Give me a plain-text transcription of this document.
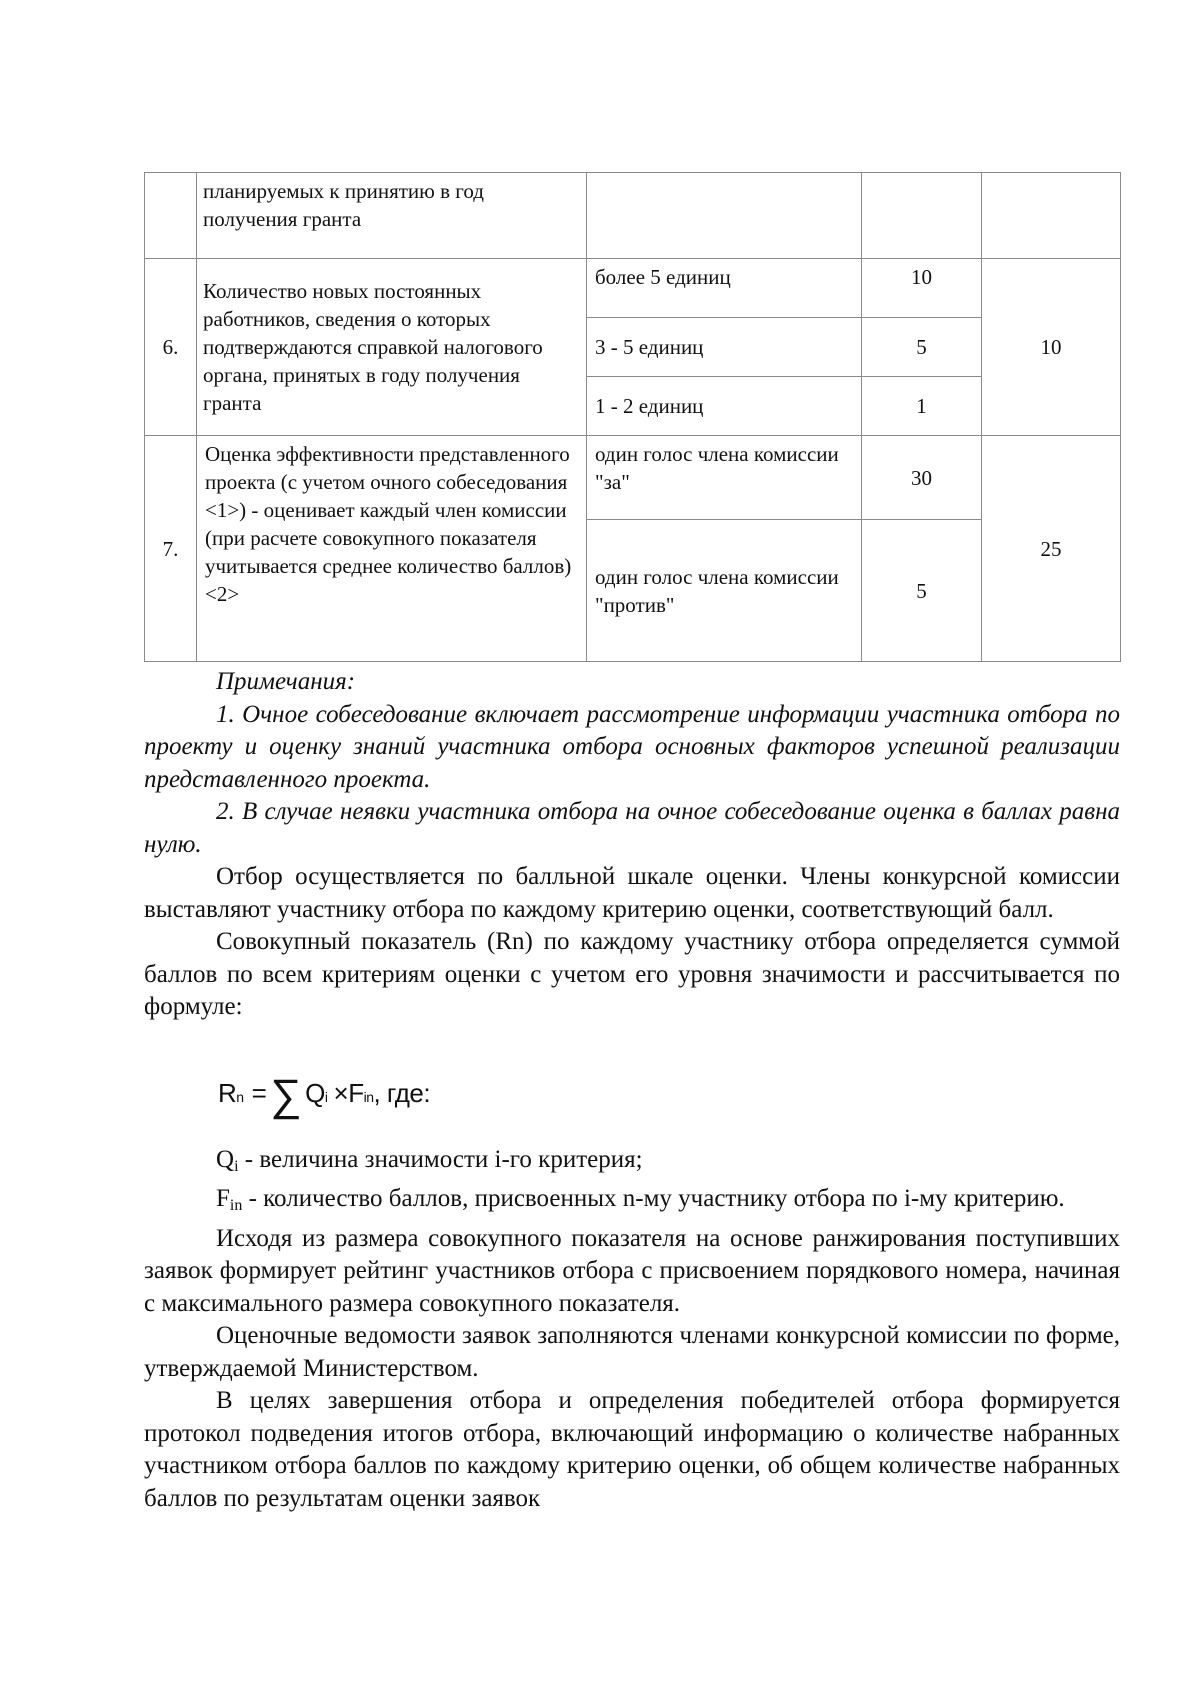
	планируемых к принятию в год получения гранта			
6.	Количество новых постоянных работников, сведения о которых подтверждаются справкой налогового органа, принятых в году получения гранта	более 5 единиц	10	10
		3 - 5 единиц	5	
		1 - 2 единиц	1	
7.	Оценка эффективности представленного проекта (с учетом очного собеседования <1>) - оценивает каждый член комиссии (при расчете совокупного показателя учитывается среднее количество баллов) <2>	один голос члена комиссии "за"	30	25
		один голос члена комиссии "против"	5	

Примечания:

1. Очное собеседование включает рассмотрение информации участника отбора по проекту и оценку знаний участника отбора основных факторов успешной реализации представленного проекта.

2. В случае неявки участника отбора на очное собеседование оценка в баллах равна нулю.

Отбор осуществляется по балльной шкале оценки. Члены конкурсной комиссии выставляют участнику отбора по каждому критерию оценки, соответствующий балл.

Совокупный показатель (Rn) по каждому участнику отбора определяется суммой баллов по всем критериям оценки с учетом его уровня значимости и рассчитывается по формуле:

R n = ∑ Q i × F in , где:

$Q_i$ - величина значимости i-го критерия;

$F_{in}$ - количество баллов, присвоенных n-му участнику отбора по i-му критерию.

Исходя из размера совокупного показателя на основе ранжирования поступивших заявок формирует рейтинг участников отбора с присвоением порядкового номера, начиная с максимального размера совокупного показателя.

Оценочные ведомости заявок заполняются членами конкурсной комиссии по форме, утверждаемой Министерством.

В целях завершения отбора и определения победителей отбора формируется протокол подведения итогов отбора, включающий информацию о количестве набранных участником отбора баллов по каждому критерию оценки, об общем количестве набранных баллов по результатам оценки заявок
